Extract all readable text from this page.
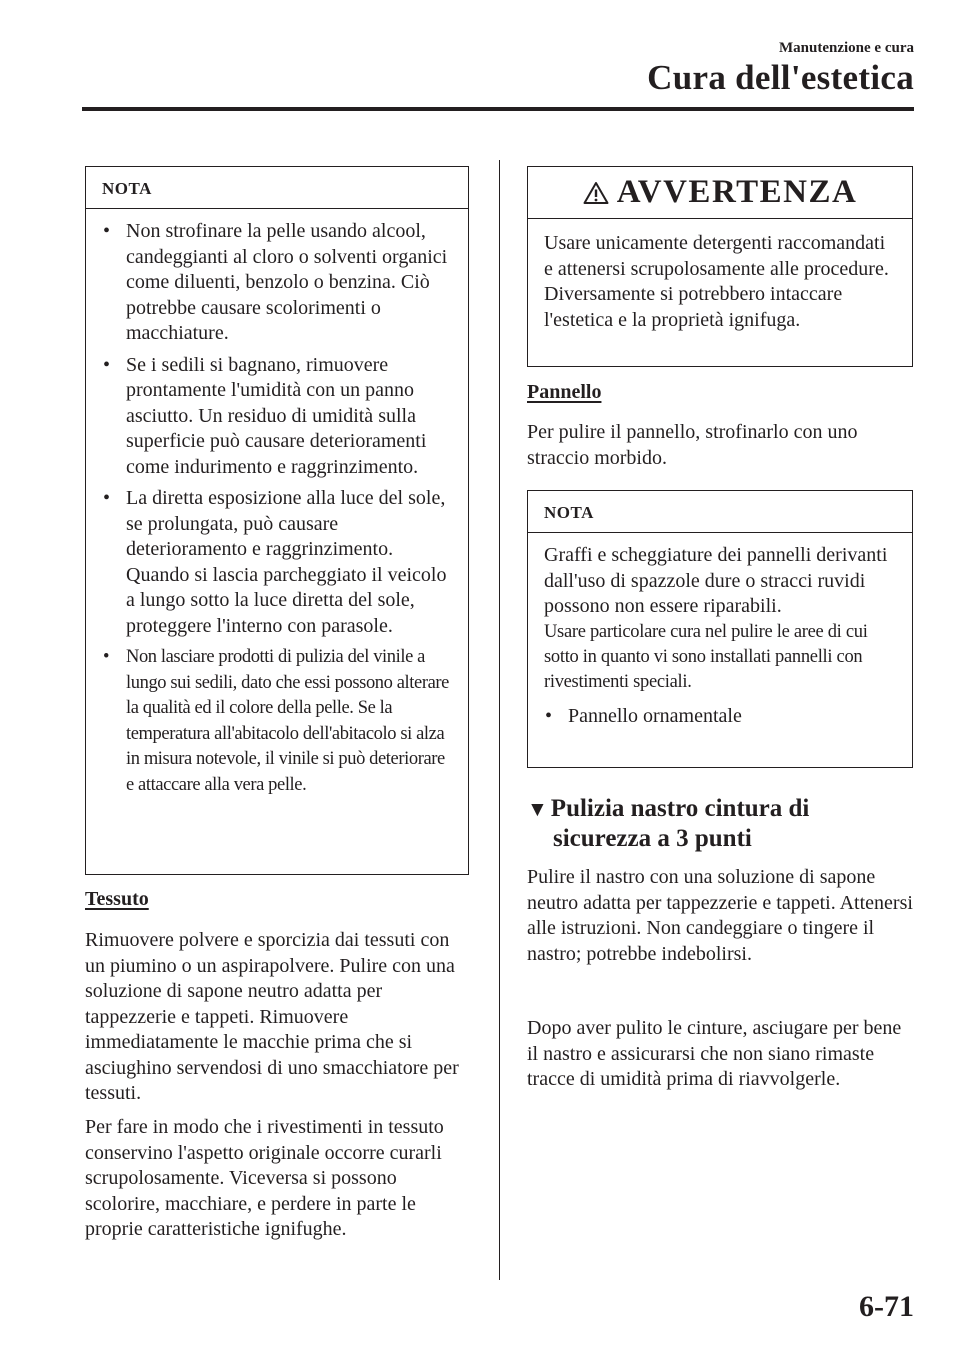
Manutenzione e cura
Cura dell'estetica
NOTA
• Non strofinare la pelle usando alcool, candeggianti al cloro o solventi organici come diluenti, benzolo o benzina. Ciò potrebbe causare scolorimenti o macchiature.
• Se i sedili si bagnano, rimuovere prontamente l'umidità con un panno asciutto. Un residuo di umidità sulla superficie può causare deterioramenti come indurimento e raggrinzimento.
• La diretta esposizione alla luce del sole, se prolungata, può causare deterioramento e raggrinzimento. Quando si lascia parcheggiato il veicolo a lungo sotto la luce diretta del sole, proteggere l'interno con parasole.
• Non lasciare prodotti di pulizia del vinile a lungo sui sedili, dato che essi possono alterare la qualità ed il colore della pelle. Se la temperatura all'abitacolo dell'abitacolo si alza in misura notevole, il vinile si può deteriorare e attaccare alla vera pelle.
Tessuto

Rimuovere polvere e sporcizia dai tessuti con un piumino o un aspirapolvere. Pulire con una soluzione di sapone neutro adatta per tappezzerie e tappeti. Rimuovere immediatamente le macchie prima che si asciughino servendosi di uno smacchiatore per tessuti.

Per fare in modo che i rivestimenti in tessuto conservino l'aspetto originale occorre curarli scrupolosamente. Viceversa si possono scolorire, macchiare, e perdere in parte le proprie caratteristiche ignifughe.

AVVERTENZA
Usare unicamente detergenti raccomandati e attenersi scrupolosamente alle procedure. Diversamente si potrebbero intaccare l'estetica e la proprietà ignifuga.
Pannello

Per pulire il pannello, strofinarlo con uno straccio morbido.

NOTA
Graffi e scheggiature dei pannelli derivanti dall'uso di spazzole dure o stracci ruvidi possono non essere riparabili.
Usare particolare cura nel pulire le aree di cui sotto in quanto vi sono installati pannelli con rivestimenti speciali.
• Pannello ornamentale
▼ Pulizia nastro cintura di
sicurezza a 3 punti

Pulire il nastro con una soluzione di sapone neutro adatta per tappezzerie e tappeti. Attenersi alle istruzioni. Non candeggiare o tingere il nastro; potrebbe indebolirsi.

Dopo aver pulito le cinture, asciugare per bene il nastro e assicurarsi che non siano rimaste tracce di umidità prima di riavvolgerle.

6-71
